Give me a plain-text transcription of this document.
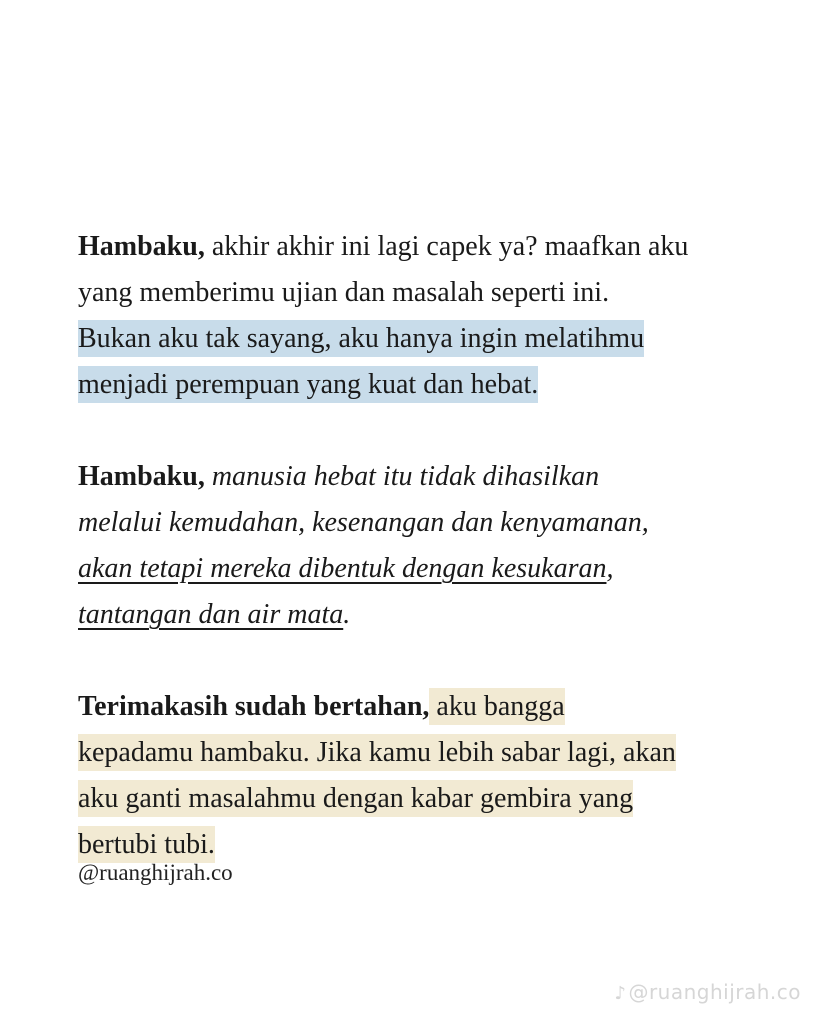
Hambaku, akhir akhir ini lagi capek ya? maafkan aku
yang memberimu ujian dan masalah seperti ini.
Bukan aku tak sayang, aku hanya ingin melatihmu
menjadi perempuan yang kuat dan hebat.

Hambaku, manusia hebat itu tidak dihasilkan
melalui kemudahan, kesenangan dan kenyamanan,
akan tetapi mereka dibentuk dengan kesukaran,
tantangan dan air mata.

Terimakasih sudah bertahan, aku bangga
kepadamu hambaku. Jika kamu lebih sabar lagi, akan
aku ganti masalahmu dengan kabar gembira yang
bertubi tubi.

@ruanghijrah.co
♪ @ruanghijrah.co
